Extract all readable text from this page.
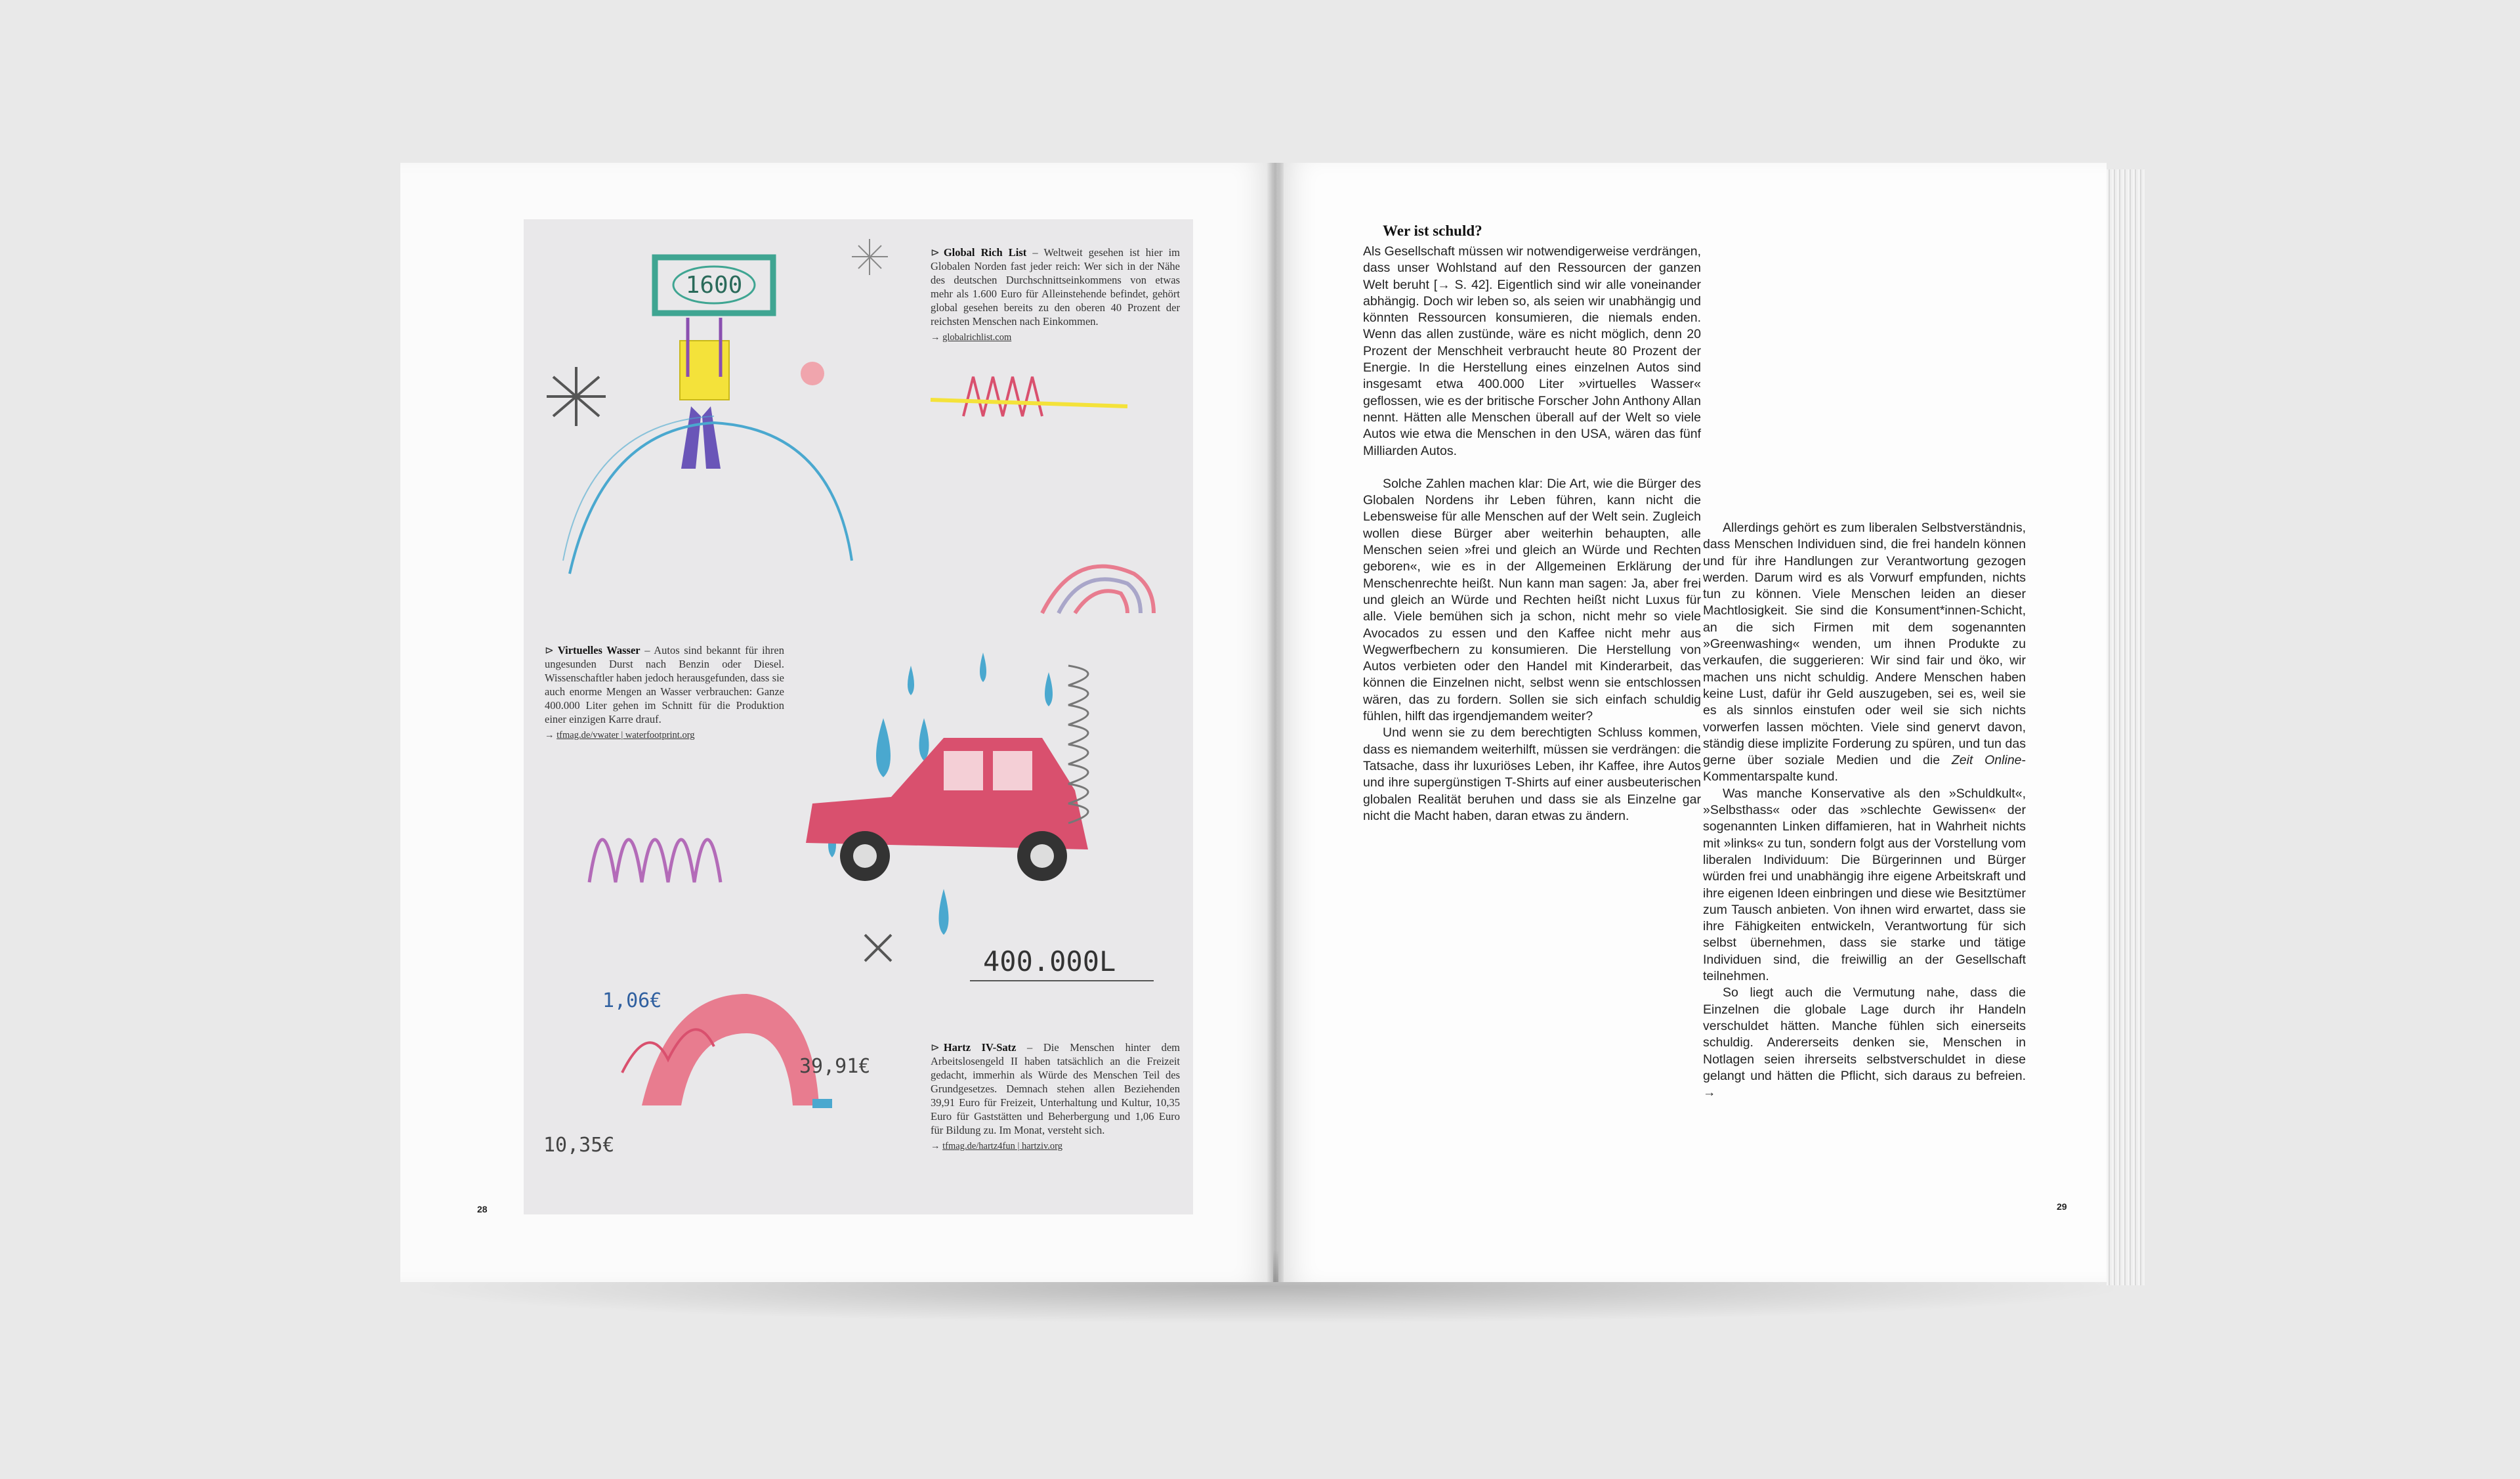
1600
400.000L
1,06€
39,91€
10,35€
⊳ Global Rich List – Weltweit gesehen ist hier im Globalen Norden fast jeder reich: Wer sich in der Nähe des deutschen Durchschnittseinkommens von etwas mehr als 1.600 Euro für Alleinstehende befindet, gehört global gesehen bereits zu den oberen 40 Prozent der reichsten Menschen nach Einkommen.
→ globalrichlist.com
⊳ Virtuelles Wasser – Autos sind bekannt für ihren ungesunden Durst nach Benzin oder Diesel. Wissenschaftler haben jedoch herausgefunden, dass sie auch enorme Mengen an Wasser verbrauchen: Ganze 400.000 Liter gehen im Schnitt für die Produktion einer einzigen Karre drauf.
→ tfmag.de/vwater | waterfootprint.org
⊳ Hartz IV-Satz – Die Menschen hinter dem Arbeitslosengeld II haben tatsächlich an die Freizeit gedacht, immerhin als Würde des Menschen Teil des Grundgesetzes. Demnach stehen allen Beziehenden 39,91 Euro für Freizeit, Unterhaltung und Kultur, 10,35 Euro für Gaststätten und Beherbergung und 1,06 Euro für Bildung zu. Im Monat, versteht sich.
→ tfmag.de/hartz4fun | hartziv.org
28
Wer ist schuld?

Als Gesellschaft müssen wir notwendigerweise verdrängen, dass unser Wohlstand auf den Ressourcen der ganzen Welt beruht [→ S. 42]. Eigentlich sind wir alle voneinander abhängig. Doch wir leben so, als seien wir unabhängig und könnten Ressourcen konsumieren, die niemals enden. Wenn das allen zustünde, wäre es nicht möglich, denn 20 Prozent der Menschheit verbraucht heute 80 Prozent der Energie. In die Herstellung eines einzelnen Autos sind insgesamt etwa 400.000 Liter »virtuelles Wasser« geflossen, wie es der britische Forscher John Anthony Allan nennt. Hätten alle Menschen überall auf der Welt so viele Autos wie etwa die Menschen in den USA, wären das fünf Milliarden Autos.

Solche Zahlen machen klar: Die Art, wie die Bürger des Globalen Nordens ihr Leben führen, kann nicht die Lebensweise für alle Menschen auf der Welt sein. Zugleich wollen diese Bürger aber weiterhin behaupten, alle Menschen seien »frei und gleich an Würde und Rechten geboren«, wie es in der Allgemeinen Erklärung der Menschenrechte heißt. Nun kann man sagen: Ja, aber frei und gleich an Würde und Rechten heißt nicht Luxus für alle. Viele bemühen sich ja schon, nicht mehr so viele Avocados zu essen und den Kaffee nicht mehr aus Wegwerfbechern zu konsumieren. Die Herstellung von Autos verbieten oder den Handel mit Kinderarbeit, das können die Einzelnen nicht, selbst wenn sie entschlossen wären, das zu fordern. Sollen sie sich einfach schuldig fühlen, hilft das irgendjemandem weiter?

Und wenn sie zu dem berechtigten Schluss kommen, dass es niemandem weiterhilft, müssen sie verdrängen: die Tatsache, dass ihr luxuriöses Leben, ihr Kaffee, ihre Autos und ihre supergünstigen T-Shirts auf einer ausbeuterischen globalen Realität beruhen und dass sie als Einzelne gar nicht die Macht haben, daran etwas zu ändern.

Allerdings gehört es zum liberalen Selbstverständnis, dass Menschen Individuen sind, die frei handeln können und für ihre Handlungen zur Verantwortung gezogen werden. Darum wird es als Vorwurf empfunden, nichts tun zu können. Viele Menschen leiden an dieser Machtlosigkeit. Sie sind die Konsument*innen-Schicht, an die sich Firmen mit dem sogenannten »Greenwashing« wenden, um ihnen Produkte zu verkaufen, die suggerieren: Wir sind fair und öko, wir machen uns nicht schuldig. Andere Menschen haben keine Lust, dafür ihr Geld auszugeben, sei es, weil sie es als sinnlos einstufen oder weil sie sich nichts vorwerfen lassen möchten. Viele sind genervt davon, ständig diese implizite Forderung zu spüren, und tun das gerne über soziale Medien und die Zeit Online-Kommentarspalte kund.

Was manche Konservative als den »Schuldkult«, »Selbsthass« oder das »schlechte Gewissen« der sogenannten Linken diffamieren, hat in Wahrheit nichts mit »links« zu tun, sondern folgt aus der Vorstellung vom liberalen Individuum: Die Bürgerinnen und Bürger würden frei und unabhängig ihre eigene Arbeitskraft und ihre eigenen Ideen einbringen und diese wie Besitztümer zum Tausch anbieten. Von ihnen wird erwartet, dass sie ihre Fähigkeiten entwickeln, Verantwortung für sich selbst übernehmen, dass sie starke und tätige Individuen sind, die freiwillig an der Gesellschaft teilnehmen.

So liegt auch die Vermutung nahe, dass die Einzelnen die globale Lage durch ihr Handeln verschuldet hätten. Manche fühlen sich einerseits schuldig. Andererseits denken sie, Menschen in Notlagen seien ihrerseits selbstverschuldet in diese gelangt und hätten die Pflicht, sich daraus zu befreien. →

29
